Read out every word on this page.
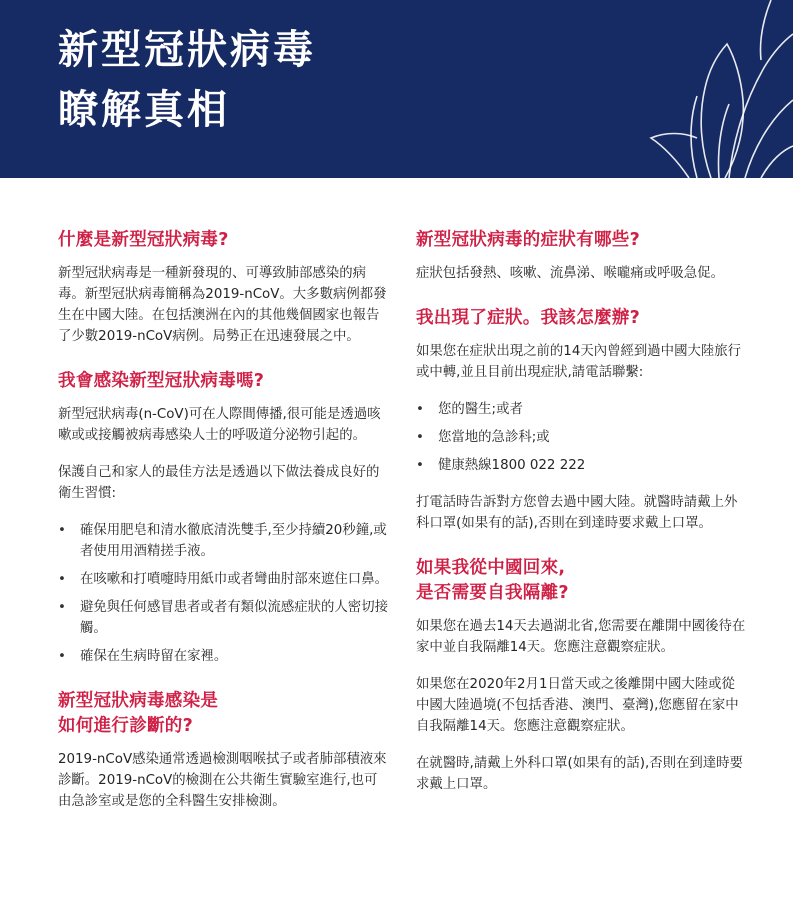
新型冠狀病毒
瞭解真相
什麼是新型冠狀病毒?
新型冠狀病毒是一種新發現的、可導致肺部感染的病毒。新型冠狀病毒簡稱為2019-nCoV。大多數病例都發生在中國大陸。在包括澳洲在內的其他幾個國家也報告了少數2019-nCoV病例。局勢正在迅速發展之中。
我會感染新型冠狀病毒嗎?
新型冠狀病毒(n-CoV)可在人際間傳播,很可能是透過咳嗽或或接觸被病毒感染人士的呼吸道分泌物引起的。
保護自己和家人的最佳方法是透過以下做法養成良好的衛生習慣:
• 確保用肥皂和清水徹底清洗雙手,至少持續20秒鐘,或者使用用酒精搓手液。
• 在咳嗽和打噴嚏時用紙巾或者彎曲肘部來遮住口鼻。
• 避免與任何感冒患者或者有類似流感症狀的人密切接觸。
• 確保在生病時留在家裡。
新型冠狀病毒感染是
如何進行診斷的?
2019-nCoV感染通常透過檢測咽喉拭子或者肺部積液來診斷。2019-nCoV的檢測在公共衛生實驗室進行,也可由急診室或是您的全科醫生安排檢測。
新型冠狀病毒的症狀有哪些?
症狀包括發熱、咳嗽、流鼻涕、喉嚨痛或呼吸急促。
我出現了症狀。我該怎麼辦?
如果您在症狀出現之前的14天內曾經到過中國大陸旅行或中轉,並且目前出現症狀,請電話聯繫:
• 您的醫生;或者
• 您當地的急診科;或
• 健康熱線1800 022 222
打電話時告訴對方您曾去過中國大陸。就醫時請戴上外科口罩(如果有的話),否則在到達時要求戴上口罩。
如果我從中國回來,
是否需要自我隔離?
如果您在過去14天去過湖北省,您需要在離開中國後待在家中並自我隔離14天。您應注意觀察症狀。
如果您在2020年2月1日當天或之後離開中國大陸或從中國大陸過境(不包括香港、澳門、臺灣),您應留在家中自我隔離14天。您應注意觀察症狀。
在就醫時,請戴上外科口罩(如果有的話),否則在到達時要求戴上口罩。
